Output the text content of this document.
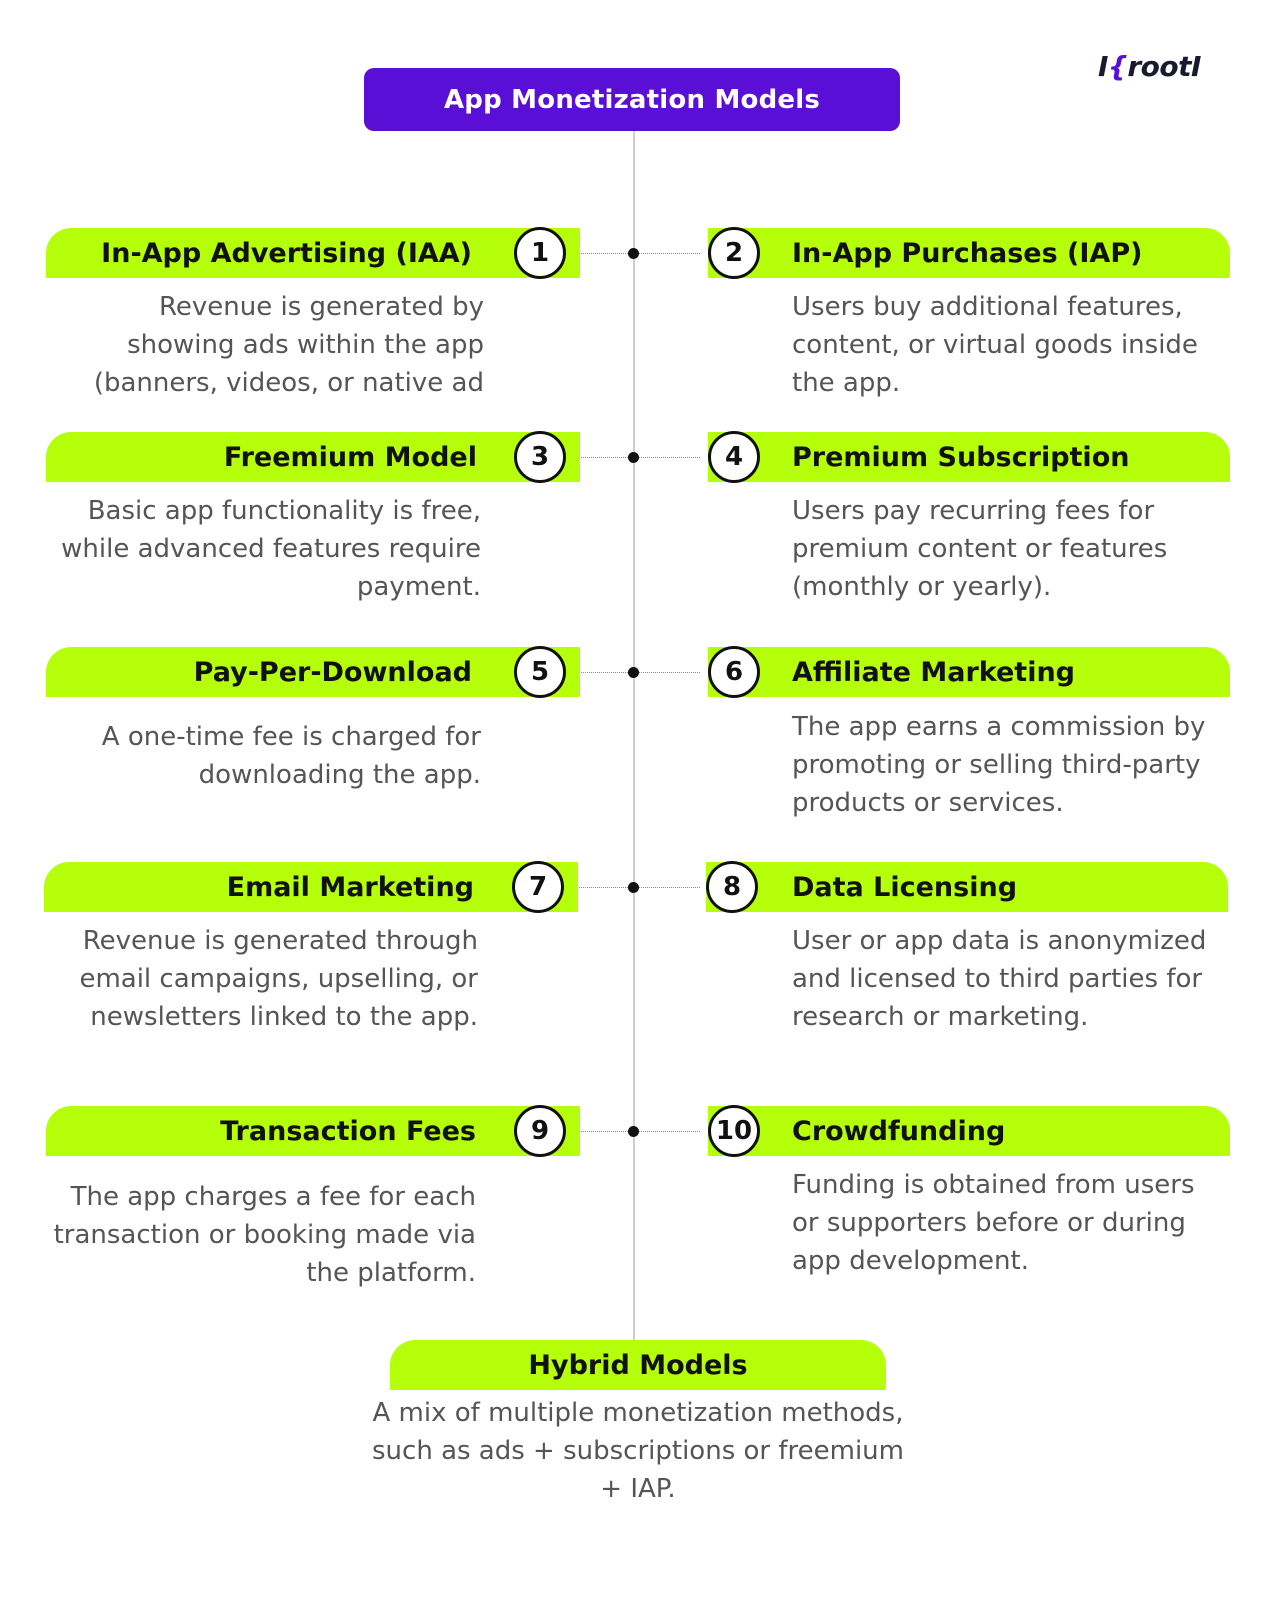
App Monetization Models
I{rootI
In-App Advertising (IAA)	1
Revenue is generated by showing ads within the app (banners, videos, or native ad
In-App Purchases (IAP)
2
Users buy additional features, content, or virtual goods inside the app.
Freemium Model	3
Basic app functionality is free, while advanced features require payment.
Premium Subscription
4
Users pay recurring fees for premium content or features (monthly or yearly).
Pay-Per-Download	5
A one-time fee is charged for downloading the app.
Affiliate Marketing
6
The app earns a commission by promoting or selling third-party products or services.
Email Marketing	7
Revenue is generated through email campaigns, upselling, or newsletters linked to the app.
Data Licensing
8
User or app data is anonymized and licensed to third parties for research or marketing.
Transaction Fees	9
The app charges a fee for each transaction or booking made via the platform.
Crowdfunding
10
Funding is obtained from users or supporters before or during app development.
Hybrid Models
A mix of multiple monetization methods, such as ads + subscriptions or freemium + IAP.
